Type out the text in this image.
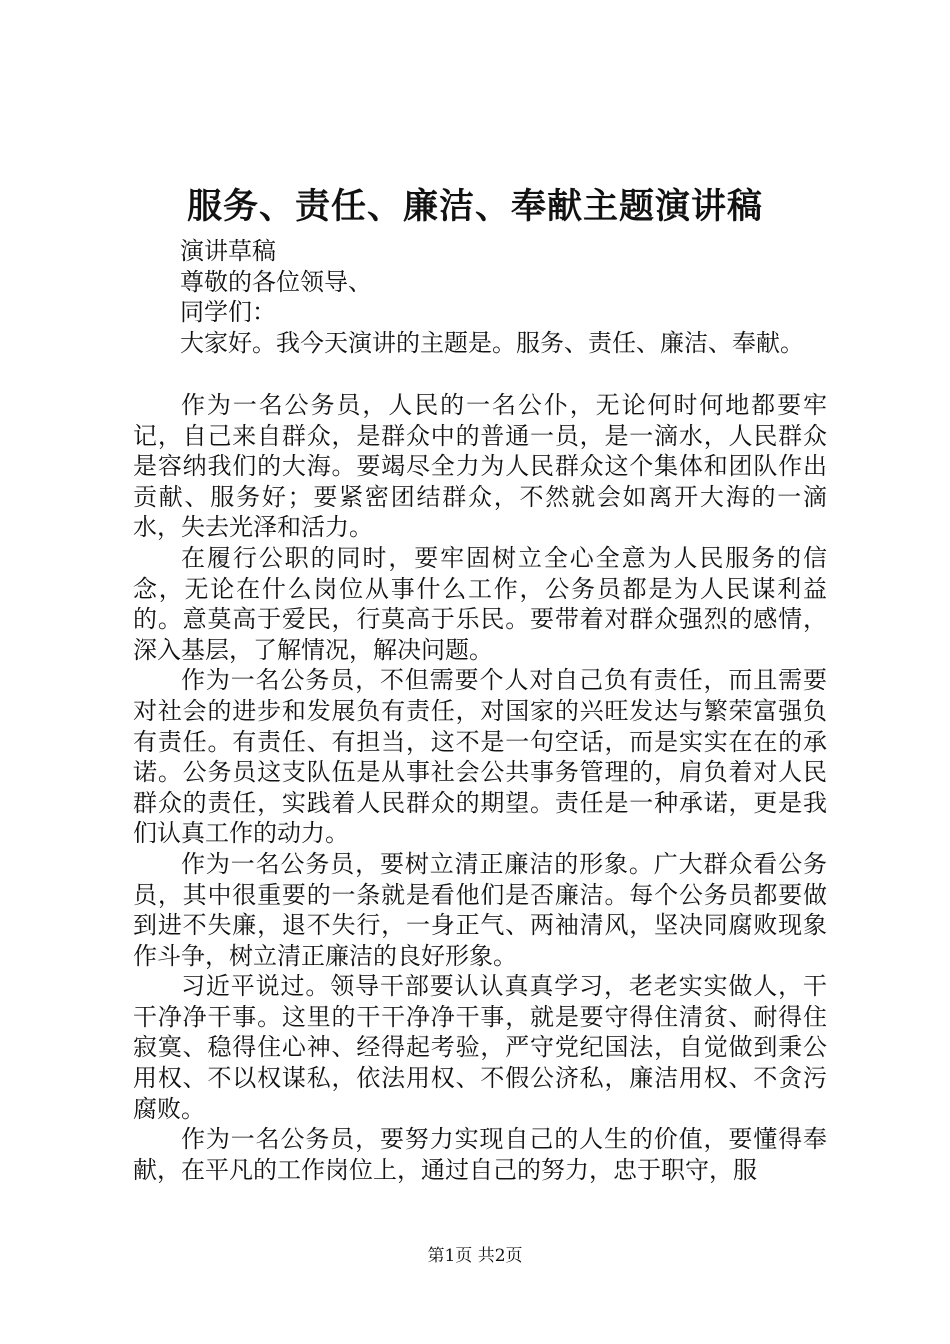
服务、责任、廉洁、奉献主题演讲稿
演讲草稿
尊敬的各位领导、
同学们：
大家好。我今天演讲的主题是。服务、责任、廉洁、奉献。

作为一名公务员，人民的一名公仆，无论何时何地都要牢记，自己来自群众，是群众中的普通一员，是一滴水，人民群众是容纳我们的大海。要竭尽全力为人民群众这个集体和团队作出贡献、服务好；要紧密团结群众，不然就会如离开大海的一滴水，失去光泽和活力。

在履行公职的同时，要牢固树立全心全意为人民服务的信念，无论在什么岗位从事什么工作，公务员都是为人民谋利益的。意莫高于爱民，行莫高于乐民。要带着对群众强烈的感情，深入基层，了解情况，解决问题。

作为一名公务员，不但需要个人对自己负有责任，而且需要对社会的进步和发展负有责任，对国家的兴旺发达与繁荣富强负有责任。有责任、有担当，这不是一句空话，而是实实在在的承诺。公务员这支队伍是从事社会公共事务管理的，肩负着对人民群众的责任，实践着人民群众的期望。责任是一种承诺，更是我们认真工作的动力。

作为一名公务员，要树立清正廉洁的形象。广大群众看公务员，其中很重要的一条就是看他们是否廉洁。每个公务员都要做到进不失廉，退不失行，一身正气、两袖清风，坚决同腐败现象作斗争，树立清正廉洁的良好形象。

习近平说过。领导干部要认认真真学习，老老实实做人，干干净净干事。这里的干干净净干事，就是要守得住清贫、耐得住寂寞、稳得住心神、经得起考验，严守党纪国法，自觉做到秉公用权、不以权谋私，依法用权、不假公济私，廉洁用权、不贪污腐败。

作为一名公务员，要努力实现自己的人生的价值，要懂得奉献，在平凡的工作岗位上，通过自己的努力，忠于职守，服

第1页 共2页
